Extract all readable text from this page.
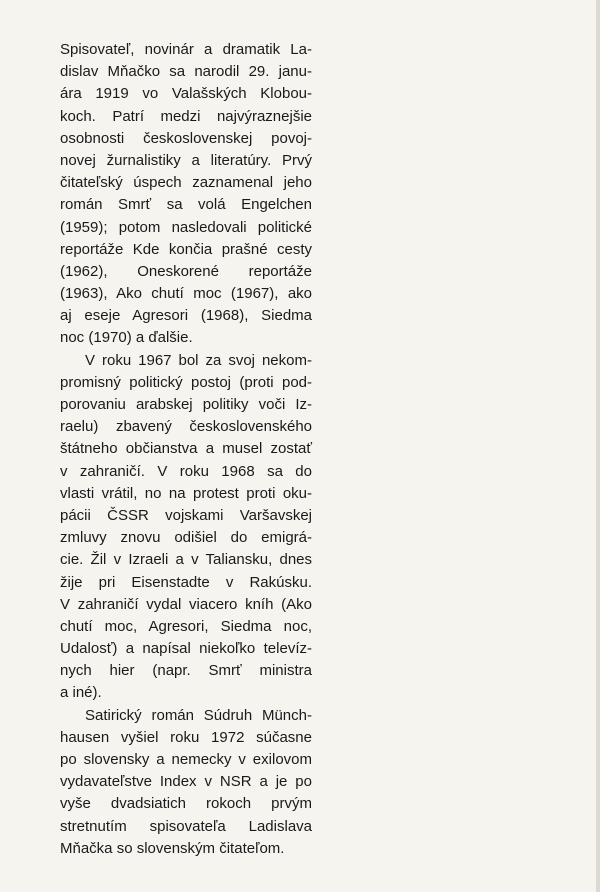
Spisovateľ, novinár a dramatik La-
dislav Mňačko sa narodil 29. janu-
ára 1919 vo Valašských Klobou-
koch. Patrí medzi najvýraznejšie
osobnosti československej povoj-
novej žurnalistiky a literatúry. Prvý
čitateľský úspech zaznamenal jeho
román Smrť sa volá Engelchen
(1959); potom nasledovali politické
reportáže Kde končia prašné cesty
(1962), Oneskorené reportáže
(1963), Ako chutí moc (1967), ako
aj eseje Agresori (1968), Siedma
noc (1970) a ďalšie.
V roku 1967 bol za svoj nekom-
promisný politický postoj (proti pod-
porovaniu arabskej politiky voči Iz-
raelu) zbavený československého
štátneho občianstva a musel zostať
v zahraničí. V roku 1968 sa do
vlasti vrátil, no na protest proti oku-
pácii ČSSR vojskami Varšavskej
zmluvy znovu odišiel do emigrá-
cie. Žil v Izraeli a v Taliansku, dnes
žije pri Eisenstadte v Rakúsku.
V zahraničí vydal viacero kníh (Ako
chutí moc, Agresori, Siedma noc,
Udalosť) a napísal niekoľko televíz-
nych hier (napr. Smrť ministra
a iné).
Satirický román Súdruh Münch-
hausen vyšiel roku 1972 súčasne
po slovensky a nemecky v exilovom
vydavateľstve Index v NSR a je po
vyše dvadsiatich rokoch prvým
stretnutím spisovateľa Ladislava
Mňačka so slovenským čitateľom.
